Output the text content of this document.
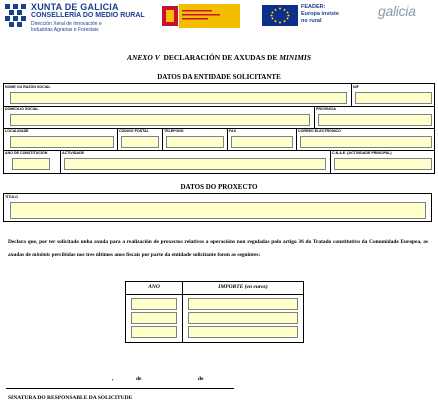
XUNTA DE GALICIA
CONSELLERÍA DO MEDIO RURAL
Dirección Xeral de Innovación e
Industrias Agrarias e Forestais
FEADER:
Europa inviste
no rural
galicia
ANEXO V DECLARACIÓN DE AXUDAS DE MINIMIS
DATOS DA ENTIDADE SOLICITANTE
NOME OU RAZÓN SOCIAL	NIF
DOMICILIO SOCIAL	PROVINCIA
LOCALIDADE	CÓDIGO POSTAL	TELÉFONO	FAX	CORREO ELECTRÓNICO
ANO DE CONSTITUCIÓN	ACTIVIDADE	C.N.A.E. (ACTIVIDADE PRINCIPAL)
DATOS DO PROXECTO
TÍTULO
Declara que, por ter solicitado unha axuda para a realización de proxectos relativos a operacións non reguladas polo artigo 36 do Tratado constitutivo da Comunidade Europea, as axudas de minimis percibidas nos tres últimos anos fiscais por parte da entidade solicitante foron as seguintes:
ANO	IMPORTE (en euros)
,	de	de
SINATURA DO RESPONSABLE DA SOLICITUDE
